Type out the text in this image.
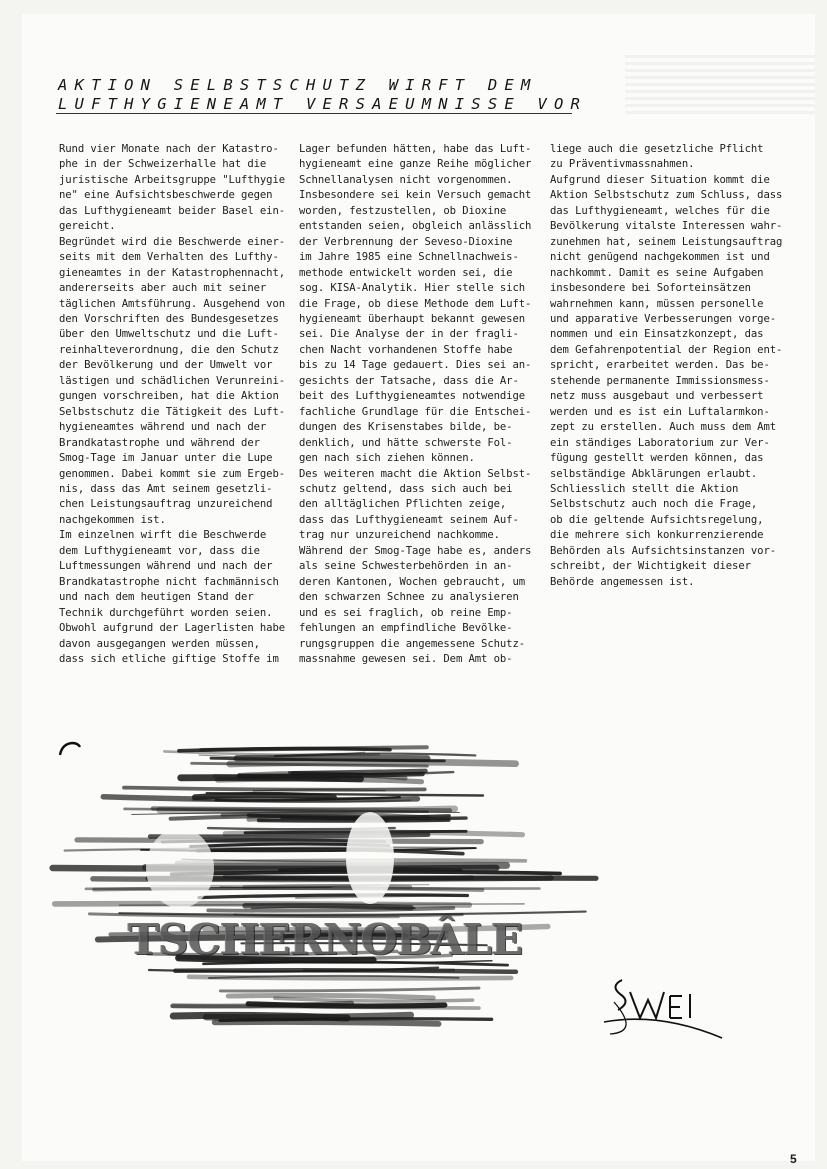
AKTION SELBSTSCHUTZ WIRFT DEM
LUFTHYGIENEAMT VERSAEUMNISSE VOR
Rund vier Monate nach der Katastro-
phe in der Schweizerhalle hat die
juristische Arbeitsgruppe "Lufthygie
ne" eine Aufsichtsbeschwerde gegen
das Lufthygieneamt beider Basel ein-
gereicht.
Begründet wird die Beschwerde einer-
seits mit dem Verhalten des Lufthy-
gieneamtes in der Katastrophennacht,
andererseits aber auch mit seiner
täglichen Amtsführung. Ausgehend von
den Vorschriften des Bundesgesetzes
über den Umweltschutz und die Luft-
reinhalteverordnung, die den Schutz
der Bevölkerung und der Umwelt vor
lästigen und schädlichen Verunreini-
gungen vorschreiben, hat die Aktion
Selbstschutz die Tätigkeit des Luft-
hygieneamtes während und nach der
Brandkatastrophe und während der
Smog-Tage im Januar unter die Lupe
genommen. Dabei kommt sie zum Ergeb-
nis, dass das Amt seinem gesetzli-
chen Leistungsauftrag unzureichend
nachgekommen ist.
Im einzelnen wirft die Beschwerde
dem Lufthygieneamt vor, dass die
Luftmessungen während und nach der
Brandkatastrophe nicht fachmännisch
und nach dem heutigen Stand der
Technik durchgeführt worden seien.
Obwohl aufgrund der Lagerlisten habe
davon ausgegangen werden müssen,
dass sich etliche giftige Stoffe im
Lager befunden hätten, habe das Luft-
hygieneamt eine ganze Reihe möglicher
Schnellanalysen nicht vorgenommen.
Insbesondere sei kein Versuch gemacht
worden, festzustellen, ob Dioxine
entstanden seien, obgleich anlässlich
der Verbrennung der Seveso-Dioxine
im Jahre 1985 eine Schnellnachweis-
methode entwickelt worden sei, die
sog. KISA-Analytik. Hier stelle sich
die Frage, ob diese Methode dem Luft-
hygieneamt überhaupt bekannt gewesen
sei. Die Analyse der in der fragli-
chen Nacht vorhandenen Stoffe habe
bis zu 14 Tage gedauert. Dies sei an-
gesichts der Tatsache, dass die Ar-
beit des Lufthygieneamtes notwendige
fachliche Grundlage für die Entschei-
dungen des Krisenstabes bilde, be-
denklich, und hätte schwerste Fol-
gen nach sich ziehen können.
Des weiteren macht die Aktion Selbst-
schutz geltend, dass sich auch bei
den alltäglichen Pflichten zeige,
dass das Lufthygieneamt seinem Auf-
trag nur unzureichend nachkomme.
Während der Smog-Tage habe es, anders
als seine Schwesterbehörden in an-
deren Kantonen, Wochen gebraucht, um
den schwarzen Schnee zu analysieren
und es sei fraglich, ob reine Emp-
fehlungen an empfindliche Bevölke-
rungsgruppen die angemessene Schutz-
massnahme gewesen sei. Dem Amt ob-
liege auch die gesetzliche Pflicht
zu Präventivmassnahmen.
Aufgrund dieser Situation kommt die
Aktion Selbstschutz zum Schluss, dass
das Lufthygieneamt, welches für die
Bevölkerung vitalste Interessen wahr-
zunehmen hat, seinem Leistungsauftrag
nicht genügend nachgekommen ist und
nachkommt. Damit es seine Aufgaben
insbesondere bei Soforteinsätzen
wahrnehmen kann, müssen personelle
und apparative Verbesserungen vorge-
nommen und ein Einsatzkonzept, das
dem Gefahrenpotential der Region ent-
spricht, erarbeitet werden. Das be-
stehende permanente Immissionsmess-
netz muss ausgebaut und verbessert
werden und es ist ein Luftalarmkon-
zept zu erstellen. Auch muss dem Amt
ein ständiges Laboratorium zur Ver-
fügung gestellt werden können, das
selbständige Abklärungen erlaubt.
Schliesslich stellt die Aktion
Selbstschutz auch noch die Frage,
ob die geltende Aufsichtsregelung,
die mehrere sich konkurrenzierende
Behörden als Aufsichtsinstanzen vor-
schreibt, der Wichtigkeit dieser
Behörde angemessen ist.
TSCHERNOBÂLE
5
